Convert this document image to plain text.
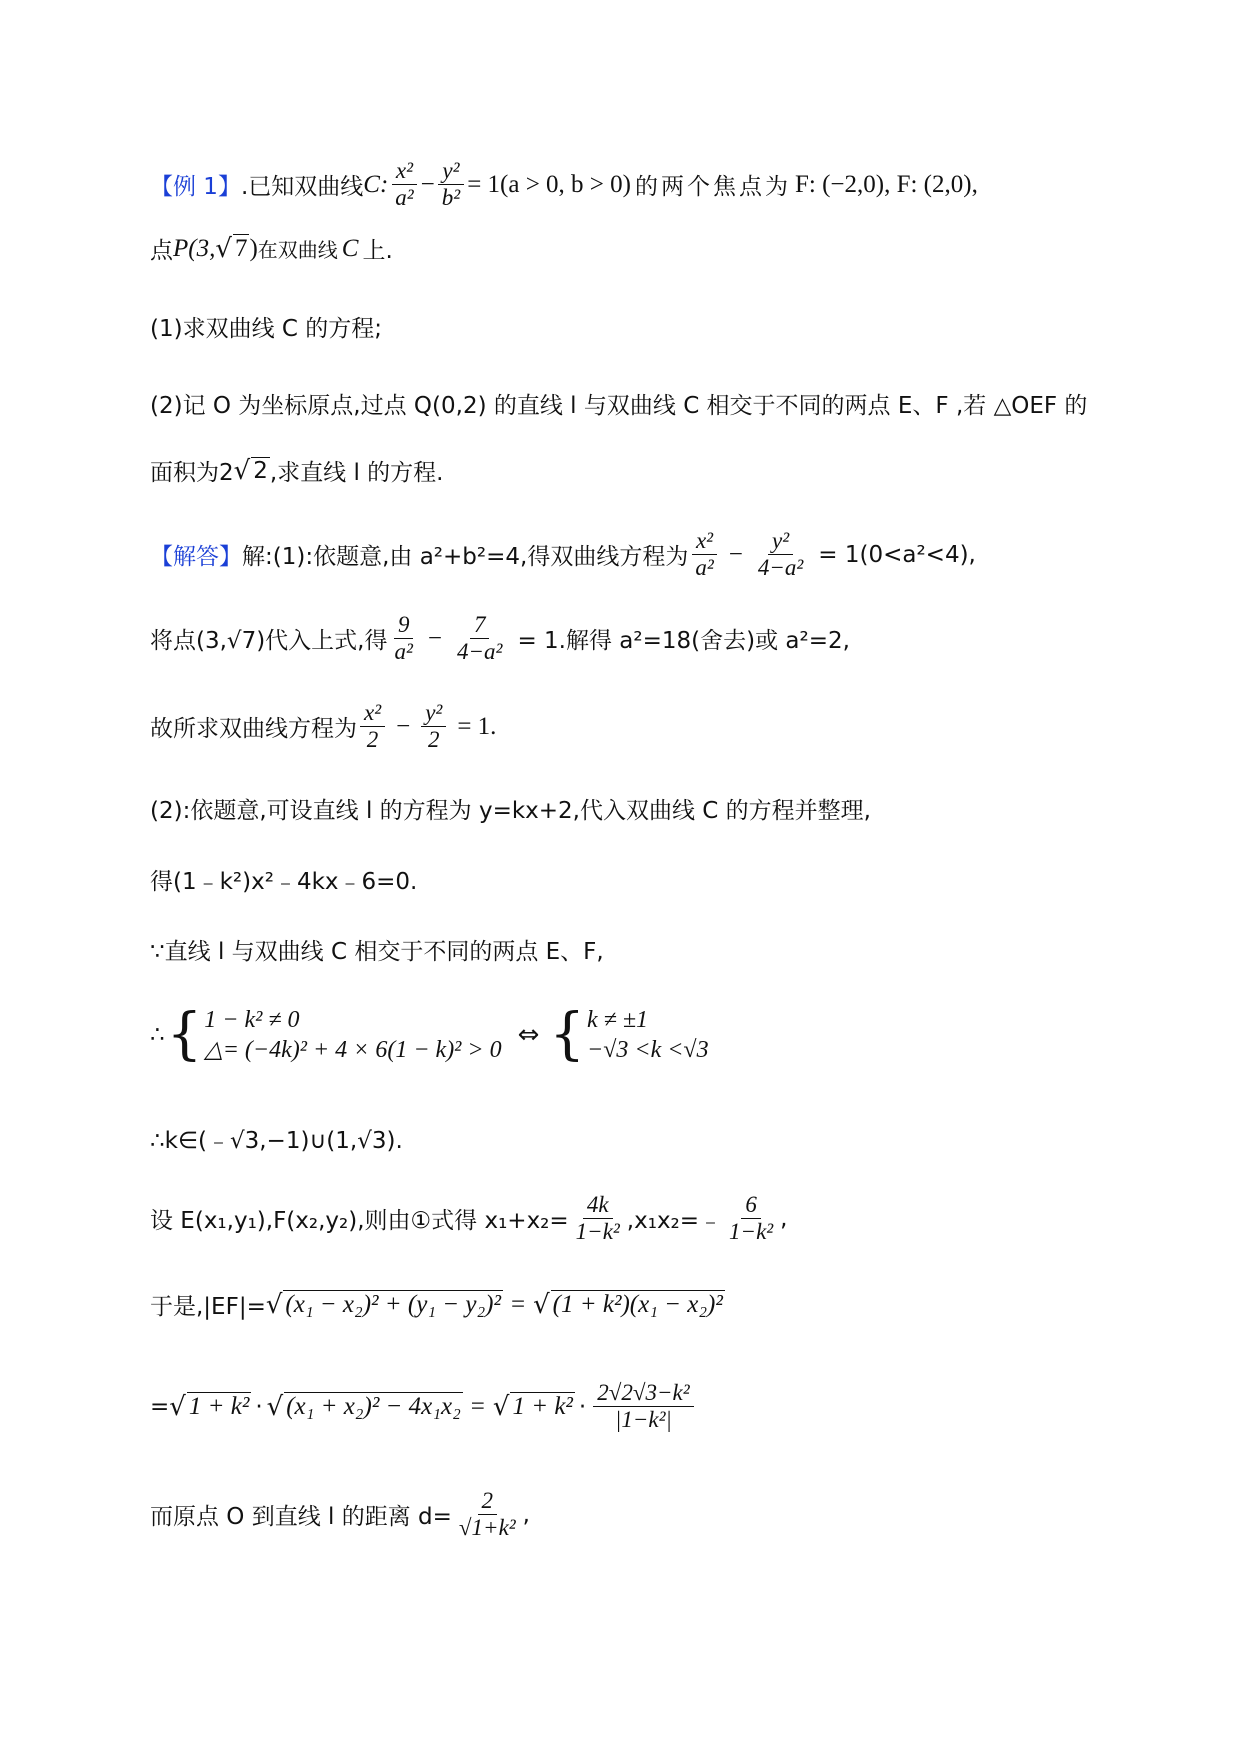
【例 1】 .已知双曲线 C: $\frac{\text{x²}}{\text{a²}} - \frac{\text{y²}}{\text{b²}} = 1(a > 0$, b > 0) 的两个焦点为 F: (−2,0), F: (2,0),
点 P(3, √ 7 ) 在双曲线 C 上.
(1)求双曲线 C 的方程;
(2)记 O 为坐标原点,过点 Q(0,2) 的直线 l 与双曲线 C 相交于不同的两点 E、F ,若 △OEF 的
面积为2 √ 2 ,求直线 l 的方程.
【解答】 解:(1):依题意,由 a²+b²=4,得双曲线方程为 $\frac{\text{x²}}{\text{a²}} - \frac{\text{y²}}{\text{4−a²}} = 1(0<a^2<4)$,
将点(3,√7)代入上式,得 $\frac{9}{\text{a²}} - \frac{7}{\text{4−a²}} = 1$.解得 a²=18(舍去)或 a²=2,
故所求双曲线方程为 $\frac{\text{x²}}{2} - \frac{\text{y²}}{2} = 1$.
(2):依题意,可设直线 l 的方程为 y=kx+2,代入双曲线 C 的方程并整理,
得(1﹣k²)x²﹣4kx﹣6=0.
∵直线 l 与双曲线 C 相交于不同的两点 E、F,
∴ { 1 − k² ≠ 0
△= (−4k)² + 4 × 6(1 − k)² > 0 ⇔ { k ≠ ±1
−√3 <k <√3
∴k∈(﹣√3,−1)∪(1,√3).
设 E(x₁,y₁),F(x₂,y₂),则由①式得 $x_1+x_2= \frac{4k}{\text{1−k²}}$ ,x₁x₂=﹣ $\frac{6}{\text{1−k²}}$ ,
于是,|EF|= √ (x₁ − x₂)² + (y₁ − y₂)² = √ (1 + k²)(x₁ − x₂)²
= √ 1 + k² · √ (x₁ + x₂)² − 4x₁x₂ = √ $1 + k^2 \cdot \frac{\text{2√2√3−k²}}{\text{|1−k²|}}$
而原点 O 到直线 l 的距离 $d= \frac{2}{\text{√1+k²}}$ ,
